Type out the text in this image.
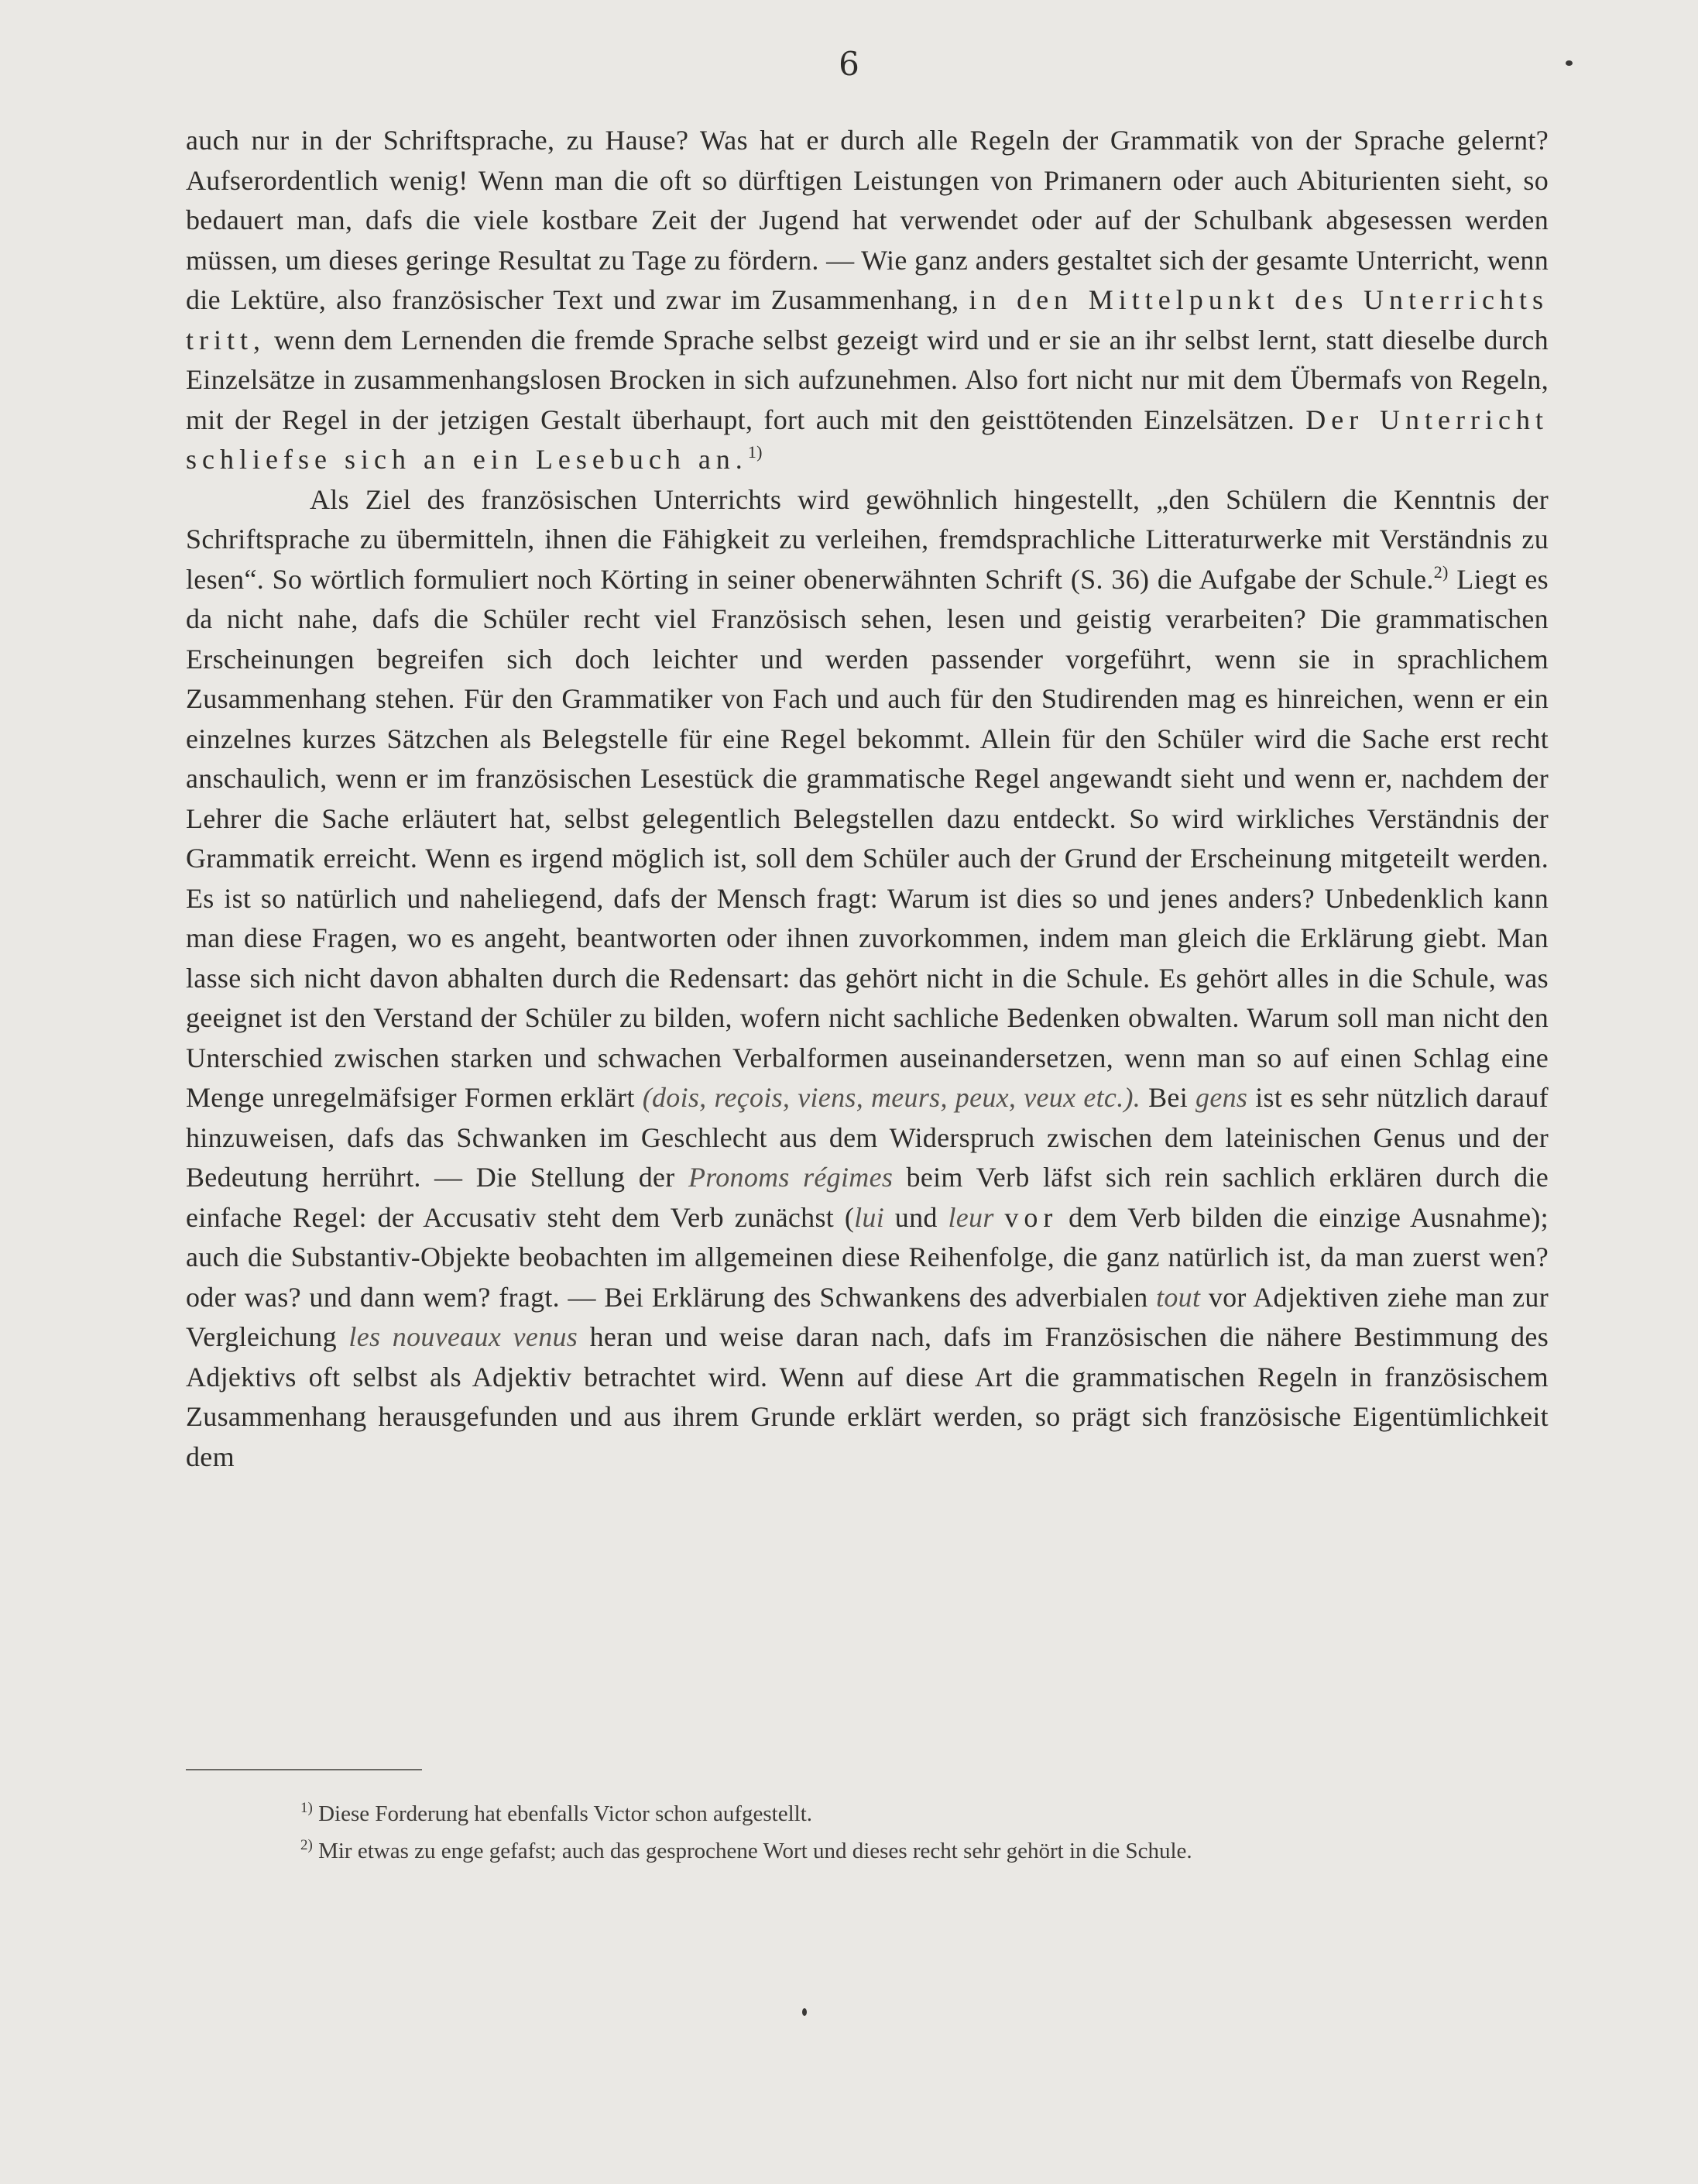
6

auch nur in der Schriftsprache, zu Hause? Was hat er durch alle Regeln der Grammatik von der Sprache gelernt? Aufserordentlich wenig! Wenn man die oft so dürftigen Leistungen von Primanern oder auch Abiturienten sieht, so bedauert man, dafs die viele kostbare Zeit der Jugend hat verwendet oder auf der Schulbank abgesessen werden müssen, um dieses geringe Resultat zu Tage zu fördern. — Wie ganz anders gestaltet sich der gesamte Unterricht, wenn die Lektüre, also französischer Text und zwar im Zusammenhang, in den Mittelpunkt des Unterrichts tritt, wenn dem Lernenden die fremde Sprache selbst gezeigt wird und er sie an ihr selbst lernt, statt dieselbe durch Einzelsätze in zusammenhangslosen Brocken in sich aufzunehmen. Also fort nicht nur mit dem Übermafs von Regeln, mit der Regel in der jetzigen Gestalt überhaupt, fort auch mit den geisttötenden Einzelsätzen. Der Unterricht schliefse sich an ein Lesebuch an.$^{1)}$

Als Ziel des französischen Unterrichts wird gewöhnlich hingestellt, „den Schülern die Kenntnis der Schriftsprache zu übermitteln, ihnen die Fähigkeit zu verleihen, fremdsprachliche Litteraturwerke mit Verständnis zu lesen“. So wörtlich formuliert noch Körting in seiner obenerwähnten Schrift (S. 36) die Aufgabe der Schule.$^{2)}$ Liegt es da nicht nahe, dafs die Schüler recht viel Französisch sehen, lesen und geistig verarbeiten? Die grammatischen Erscheinungen begreifen sich doch leichter und werden passender vorgeführt, wenn sie in sprachlichem Zusammenhang stehen. Für den Grammatiker von Fach und auch für den Studirenden mag es hinreichen, wenn er ein einzelnes kurzes Sätzchen als Belegstelle für eine Regel bekommt. Allein für den Schüler wird die Sache erst recht anschaulich, wenn er im französischen Lesestück die grammatische Regel angewandt sieht und wenn er, nachdem der Lehrer die Sache erläutert hat, selbst gelegentlich Belegstellen dazu entdeckt. So wird wirkliches Verständnis der Grammatik erreicht. Wenn es irgend möglich ist, soll dem Schüler auch der Grund der Erscheinung mitgeteilt werden. Es ist so natürlich und naheliegend, dafs der Mensch fragt: Warum ist dies so und jenes anders? Unbedenklich kann man diese Fragen, wo es angeht, beantworten oder ihnen zuvorkommen, indem man gleich die Erklärung giebt. Man lasse sich nicht davon abhalten durch die Redensart: das gehört nicht in die Schule. Es gehört alles in die Schule, was geeignet ist den Verstand der Schüler zu bilden, wofern nicht sachliche Bedenken obwalten. Warum soll man nicht den Unterschied zwischen starken und schwachen Verbalformen auseinandersetzen, wenn man so auf einen Schlag eine Menge unregelmäfsiger Formen erklärt (dois, reçois, viens, meurs, peux, veux etc.). Bei gens ist es sehr nützlich darauf hinzuweisen, dafs das Schwanken im Geschlecht aus dem Widerspruch zwischen dem lateinischen Genus und der Bedeutung herrührt. — Die Stellung der Pronoms régimes beim Verb läfst sich rein sachlich erklären durch die einfache Regel: der Accusativ steht dem Verb zunächst (lui und leur vor dem Verb bilden die einzige Ausnahme); auch die Substantiv-Objekte beobachten im allgemeinen diese Reihenfolge, die ganz natürlich ist, da man zuerst wen? oder was? und dann wem? fragt. — Bei Erklärung des Schwankens des adverbialen tout vor Adjektiven ziehe man zur Vergleichung les nouveaux venus heran und weise daran nach, dafs im Französischen die nähere Bestimmung des Adjektivs oft selbst als Adjektiv betrachtet wird. Wenn auf diese Art die grammatischen Regeln in französischem Zusammenhang herausgefunden und aus ihrem Grunde erklärt werden, so prägt sich französische Eigentümlichkeit dem

$^{1)}$ Diese Forderung hat ebenfalls Victor schon aufgestellt.

$^{2)}$ Mir etwas zu enge gefafst; auch das gesprochene Wort und dieses recht sehr gehört in die Schule.
